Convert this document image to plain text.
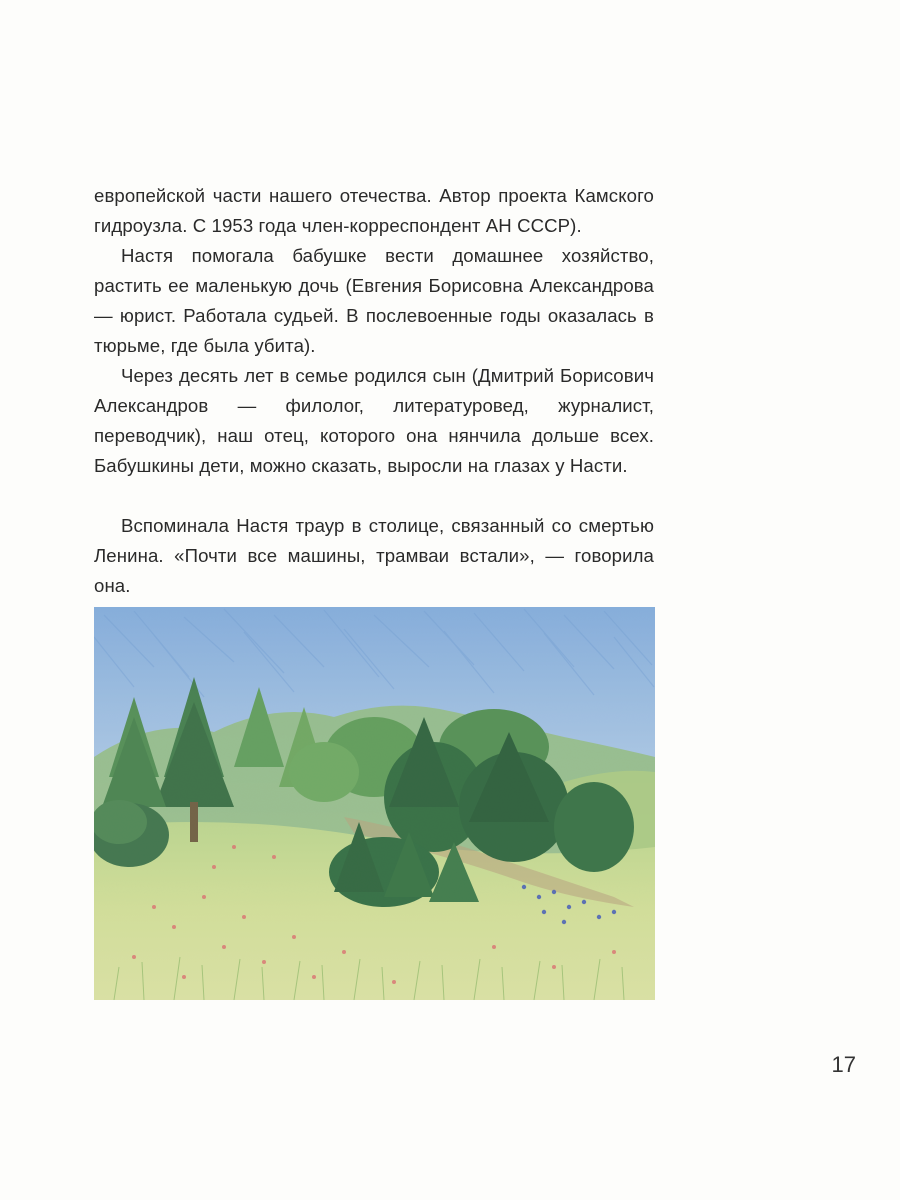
европейской части нашего отечества. Автор проекта Камского гидроузла. С 1953 года член-корреспондент АН СССР).

Настя помогала бабушке вести домашнее хозяйство, растить ее маленькую дочь (Евгения Борисовна Александрова — юрист. Работала судьей. В послевоенные годы оказалась в тюрьме, где была убита).

Через десять лет в семье родился сын (Дмитрий Борисович Александров — филолог, литературовед, журналист, переводчик), наш отец, которого она нянчила дольше всех. Бабушкины дети, можно сказать, выросли на глазах у Насти.

Вспоминала Настя траур в столице, связанный со смертью Ленина. «Почти все машины, трамваи встали», — говорила она.

17
